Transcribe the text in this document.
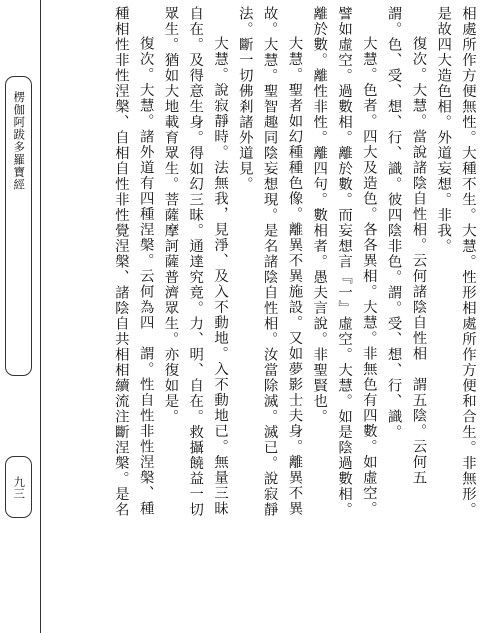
楞伽阿跋多羅寶經
九三	相處所作方便無性。大種不生。大慧。性形相處所作方便和合生。非無形。

是故四大造色相。外道妄想。非我。

復次。大慧。當說諸陰自性相。云何諸陰自性相　謂五陰。云何五

謂。色、受、想、行、識。彼四陰非色。謂。受、想、行、識。

大慧。色者。四大及造色。各各異相。大慧。非無色有四數。如虛空。

譬如虛空。過數相。離於數。而妄想言『一』虛空。大慧。如是陰過數相。

離於數。離性非性。離四句。數相者。愚夫言說。非聖賢也。

大慧。聖者如幻種種色像。離異不異施設。又如夢影士夫身。離異不異

故。大慧。聖智趣同陰妄想現。是名諸陰自性相。汝當除滅。滅已。說寂靜

法。斷一切佛剎諸外道見。

大慧。說寂靜時。法無我，見淨、及入不動地。入不動地已。無量三昧

自在。及得意生身。得如幻三昧。通達究竟。力、明、自在。救攝饒益一切

眾生。猶如大地載育眾生。菩薩摩訶薩普濟眾生。亦復如是。

復次。大慧。諸外道有四種涅槃。云何為四　謂。性自性非性涅槃、種

種相性非性涅槃、自相自性非性覺涅槃、諸陰自共相相續流注斷涅槃。是名
